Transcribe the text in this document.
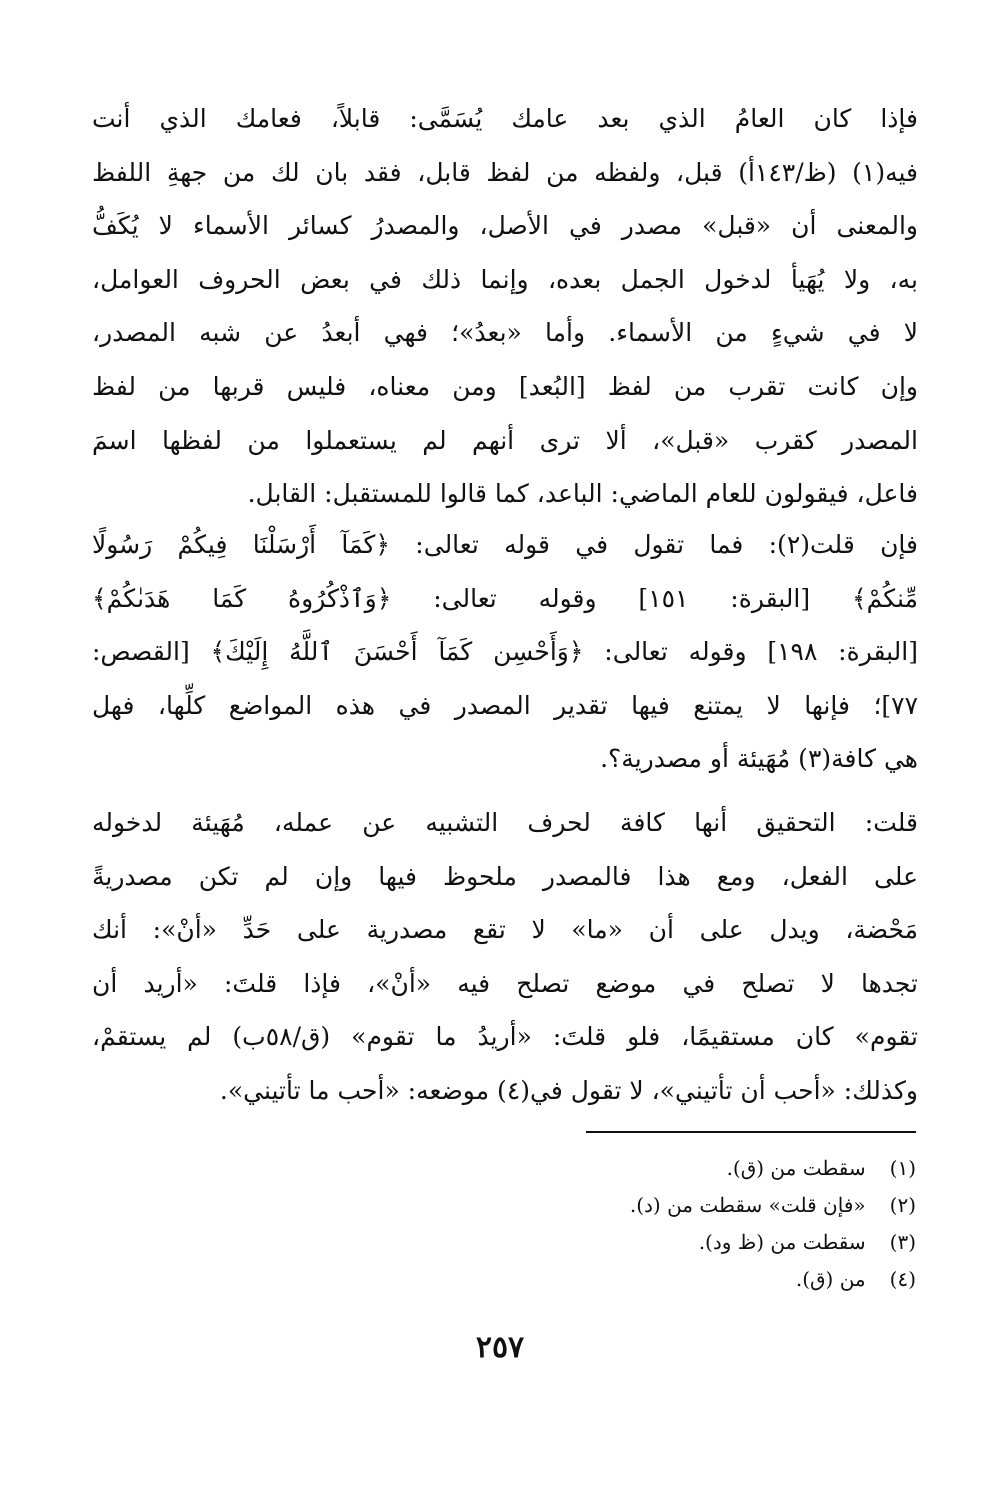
فإذا كان العامُ الذي بعد عامك يُسَمَّى: قابلاً، فعامك الذي أنت
فيه(١) (ظ/١٤٣أ) قبل، ولفظه من لفظ قابل، فقد بان لك من جهةِ اللفظ
والمعنى أن «قبل» مصدر في الأصل، والمصدرُ كسائر الأسماء لا يُكَفُّ
به، ولا يُهَيأ لدخول الجمل بعده، وإنما ذلك في بعض الحروف العوامل،
لا في شيءٍ من الأسماء. وأما «بعدُ»؛ فهي أبعدُ عن شبه المصدر،
وإن كانت تقرب من لفظ [البُعد] ومن معناه، فليس قربها من لفظ
المصدر كقرب «قبل»، ألا ترى أنهم لم يستعملوا من لفظها اسمَ
فاعل، فيقولون للعام الماضي: الباعد، كما قالوا للمستقبل: القابل.

فإن قلت(٢): فما تقول في قوله تعالى: ﴿كَمَآ أَرْسَلْنَا فِيكُمْ رَسُولًا
مِّنكُمْ﴾ [البقرة: ١٥١] وقوله تعالى: ﴿وَٱذْكُرُوهُ كَمَا هَدَىٰكُمْ﴾
[البقرة: ١٩٨] وقوله تعالى: ﴿وَأَحْسِن كَمَآ أَحْسَنَ ٱللَّهُ إِلَيْكَ﴾ [القصص:
٧٧]؛ فإنها لا يمتنع فيها تقدير المصدر في هذه المواضع كلِّها، فهل
هي كافة(٣) مُهَيئة أو مصدرية؟.

قلت: التحقيق أنها كافة لحرف التشبيه عن عمله، مُهَيئة لدخوله
على الفعل، ومع هذا فالمصدر ملحوظ فيها وإن لم تكن مصدريةً
مَحْضة، ويدل على أن «ما» لا تقع مصدرية على حَدِّ «أنْ»: أنك
تجدها لا تصلح في موضع تصلح فيه «أنْ»، فإذا قلتَ: «أريد أن
تقوم» كان مستقيمًا، فلو قلتَ: «أريدُ ما تقوم» (ق/٥٨ب) لم يستقمْ،
وكذلك: «أحب أن تأتيني»، لا تقول في(٤) موضعه: «أحب ما تأتيني».

(١) سقطت من (ق).
(٢) «فإن قلت» سقطت من (د).
(٣) سقطت من (ظ ود).
(٤) من (ق).
٢٥٧
